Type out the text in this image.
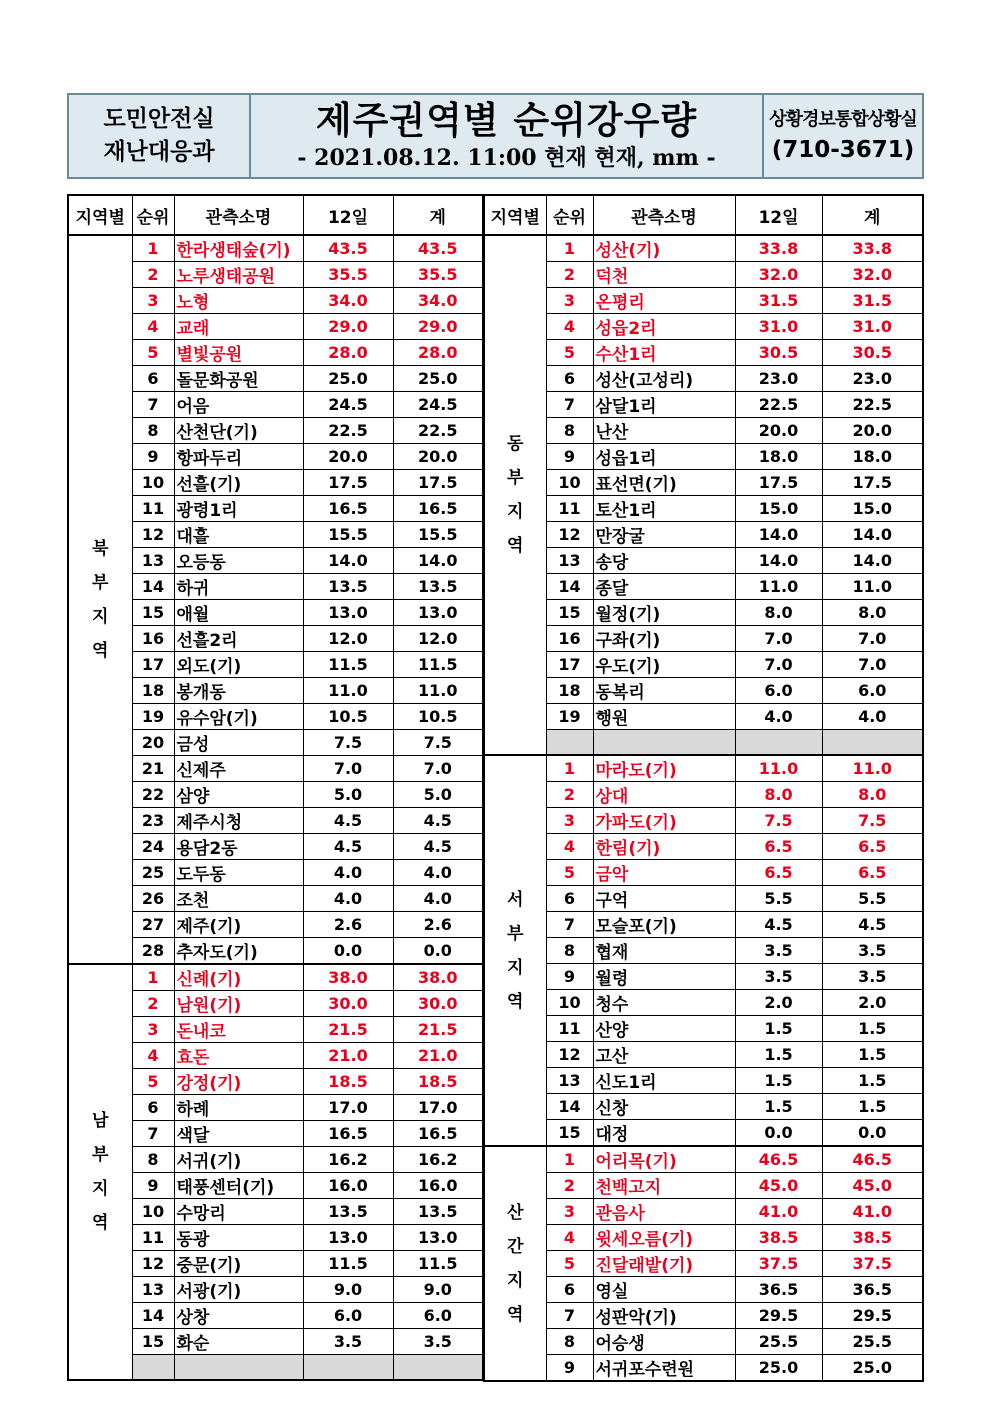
도민안전실
재난대응과
제주권역별 순위강우량
- 2021.08.12. 11:00 현재 현재, mm -
상황경보통합상황실
(710-3671)
지역별	순위	관측소명	12일	계
북
부
지
역	1	한라생태숲(기)	43.5	43.5
	2	노루생태공원	35.5	35.5
	3	노형	34.0	34.0
	4	교래	29.0	29.0
	5	별빛공원	28.0	28.0
	6	돌문화공원	25.0	25.0
	7	어음	24.5	24.5
	8	산천단(기)	22.5	22.5
	9	항파두리	20.0	20.0
	10	선흘(기)	17.5	17.5
	11	광령1리	16.5	16.5
	12	대흘	15.5	15.5
	13	오등동	14.0	14.0
	14	하귀	13.5	13.5
	15	애월	13.0	13.0
	16	선흘2리	12.0	12.0
	17	외도(기)	11.5	11.5
	18	봉개동	11.0	11.0
	19	유수암(기)	10.5	10.5
	20	금성	7.5	7.5
	21	신제주	7.0	7.0
	22	삼양	5.0	5.0
	23	제주시청	4.5	4.5
	24	용담2동	4.5	4.5
	25	도두동	4.0	4.0
	26	조천	4.0	4.0
	27	제주(기)	2.6	2.6
	28	추자도(기)	0.0	0.0
남
부
지
역	1	신례(기)	38.0	38.0
	2	남원(기)	30.0	30.0
	3	돈내코	21.5	21.5
	4	효돈	21.0	21.0
	5	강정(기)	18.5	18.5
	6	하례	17.0	17.0
	7	색달	16.5	16.5
	8	서귀(기)	16.2	16.2
	9	태풍센터(기)	16.0	16.0
	10	수망리	13.5	13.5
	11	동광	13.0	13.0
	12	중문(기)	11.5	11.5
	13	서광(기)	9.0	9.0
	14	상창	6.0	6.0
	15	화순	3.5	3.5

지역별	순위	관측소명	12일	계
동
부
지
역	1	성산(기)	33.8	33.8
	2	덕천	32.0	32.0
	3	온평리	31.5	31.5
	4	성읍2리	31.0	31.0
	5	수산1리	30.5	30.5
	6	성산(고성리)	23.0	23.0
	7	삼달1리	22.5	22.5
	8	난산	20.0	20.0
	9	성읍1리	18.0	18.0
	10	표선면(기)	17.5	17.5
	11	토산1리	15.0	15.0
	12	만장굴	14.0	14.0
	13	송당	14.0	14.0
	14	종달	11.0	11.0
	15	월정(기)	8.0	8.0
	16	구좌(기)	7.0	7.0
	17	우도(기)	7.0	7.0
	18	동복리	6.0	6.0
	19	행원	4.0	4.0

서
부
지
역	1	마라도(기)	11.0	11.0
	2	상대	8.0	8.0
	3	가파도(기)	7.5	7.5
	4	한림(기)	6.5	6.5
	5	금악	6.5	6.5
	6	구억	5.5	5.5
	7	모슬포(기)	4.5	4.5
	8	협재	3.5	3.5
	9	월령	3.5	3.5
	10	청수	2.0	2.0
	11	산양	1.5	1.5
	12	고산	1.5	1.5
	13	신도1리	1.5	1.5
	14	신창	1.5	1.5
	15	대정	0.0	0.0
산
간
지
역	1	어리목(기)	46.5	46.5
	2	천백고지	45.0	45.0
	3	관음사	41.0	41.0
	4	윗세오름(기)	38.5	38.5
	5	진달래밭(기)	37.5	37.5
	6	영실	36.5	36.5
	7	성판악(기)	29.5	29.5
	8	어승생	25.5	25.5
	9	서귀포수련원	25.0	25.0
